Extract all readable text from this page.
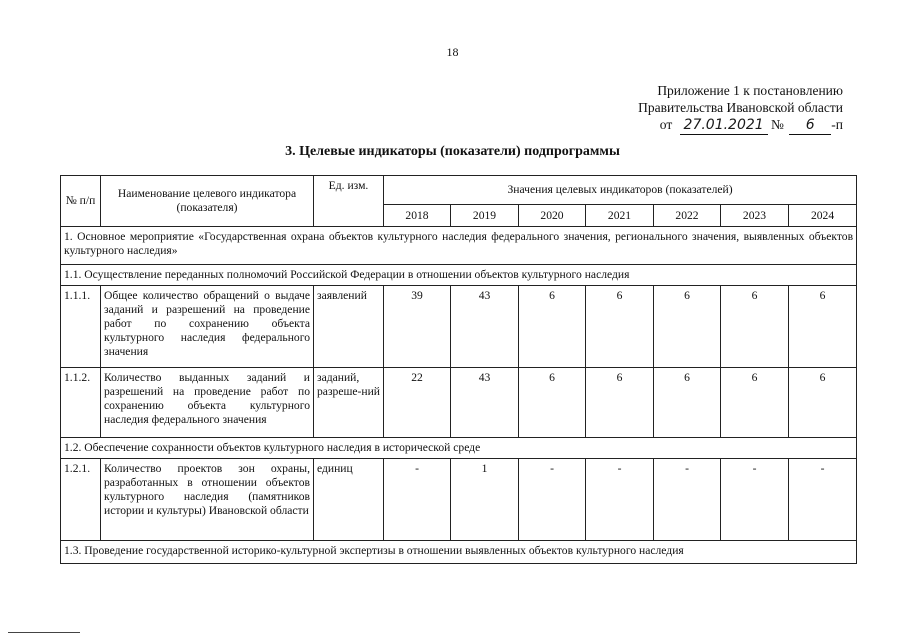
18
Приложение 1 к постановлению
Правительства Ивановской области
от 27.01.2021 № 6 -п
3. Целевые индикаторы (показатели) подпрограммы
№ п/п	Наименование целевого индикатора (показателя)	Ед. изм.	Значения целевых индикаторов (показателей)						
			2018	2019	2020	2021	2022	2023	2024
1. Основное мероприятие «Государственная охрана объектов культурного наследия федерального значения, регионального значения, выявленных объектов культурного наследия»									
1.1. Осуществление переданных полномочий Российской Федерации в отношении объектов культурного наследия									
1.1.1.	Общее количество обращений о выдаче заданий и разрешений на проведение работ по сохранению объекта культурного наследия федерального значения	заявлений	39	43	6	6	6	6	6
1.1.2.	Количество выданных заданий и разрешений на проведение работ по сохранению объекта культурного наследия федерального значения	заданий, разреше-ний	22	43	6	6	6	6	6
1.2. Обеспечение сохранности объектов культурного наследия в исторической среде									
1.2.1.	Количество проектов зон охраны, разработанных в отношении объектов культурного наследия (памятников истории и культуры) Ивановской области	единиц	-	1	-	-	-	-	-
1.3. Проведение государственной историко-культурной экспертизы в отношении выявленных объектов культурного наследия									
